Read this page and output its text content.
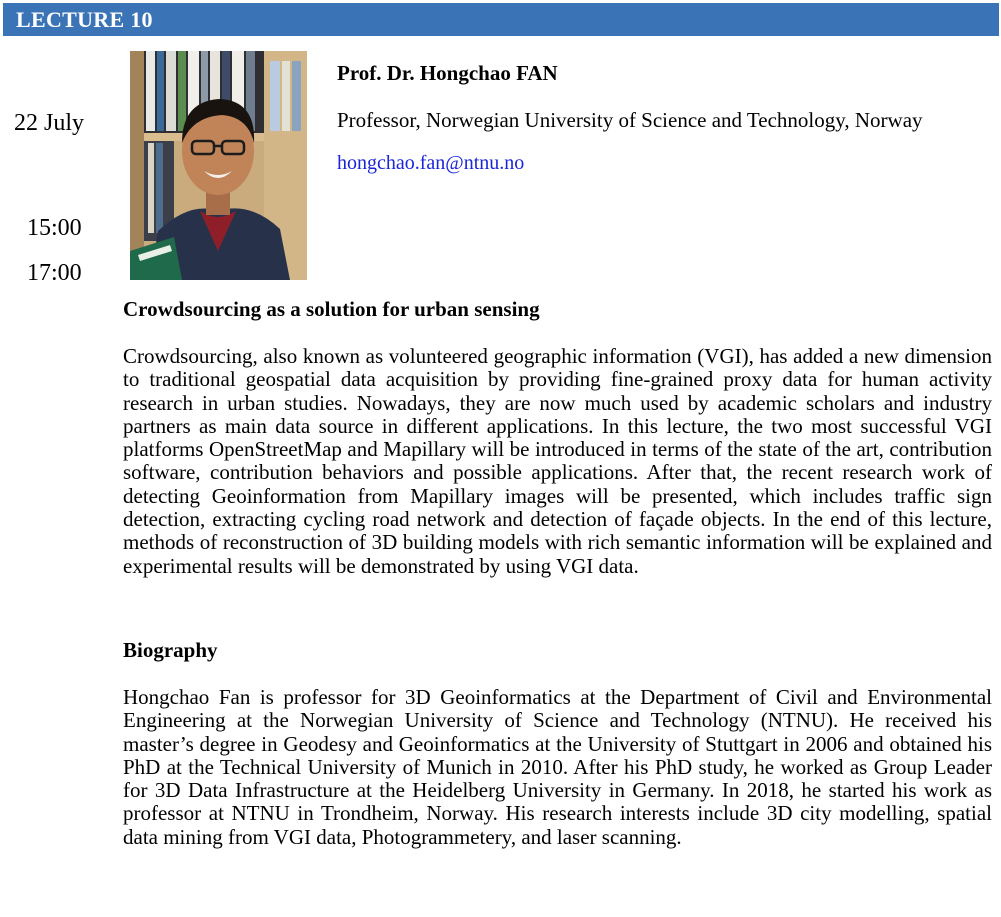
LECTURE 10
22 July
15:00
17:00
Prof. Dr. Hongchao FAN
Professor, Norwegian University of Science and Technology, Norway
hongchao.fan@ntnu.no
Crowdsourcing as a solution for urban sensing

Crowdsourcing, also known as volunteered geographic information (VGI), has added a new dimension to traditional geospatial data acquisition by providing fine-grained proxy data for human activity research in urban studies. Nowadays, they are now much used by academic scholars and industry partners as main data source in different applications. In this lecture, the two most successful VGI platforms OpenStreetMap and Mapillary will be introduced in terms of the state of the art, contribution software, contribution behaviors and possible applications. After that, the recent research work of detecting Geoinformation from Mapillary images will be presented, which includes traffic sign detection, extracting cycling road network and detection of façade objects. In the end of this lecture, methods of reconstruction of 3D building models with rich semantic information will be explained and experimental results will be demonstrated by using VGI data.

Biography

Hongchao Fan is professor for 3D Geoinformatics at the Department of Civil and Environmental Engineering at the Norwegian University of Science and Technology (NTNU). He received his master’s degree in Geodesy and Geoinformatics at the University of Stuttgart in 2006 and obtained his PhD at the Technical University of Munich in 2010. After his PhD study, he worked as Group Leader for 3D Data Infrastructure at the Heidelberg University in Germany. In 2018, he started his work as professor at NTNU in Trondheim, Norway. His research interests include 3D city modelling, spatial data mining from VGI data, Photogrammetery, and laser scanning.
